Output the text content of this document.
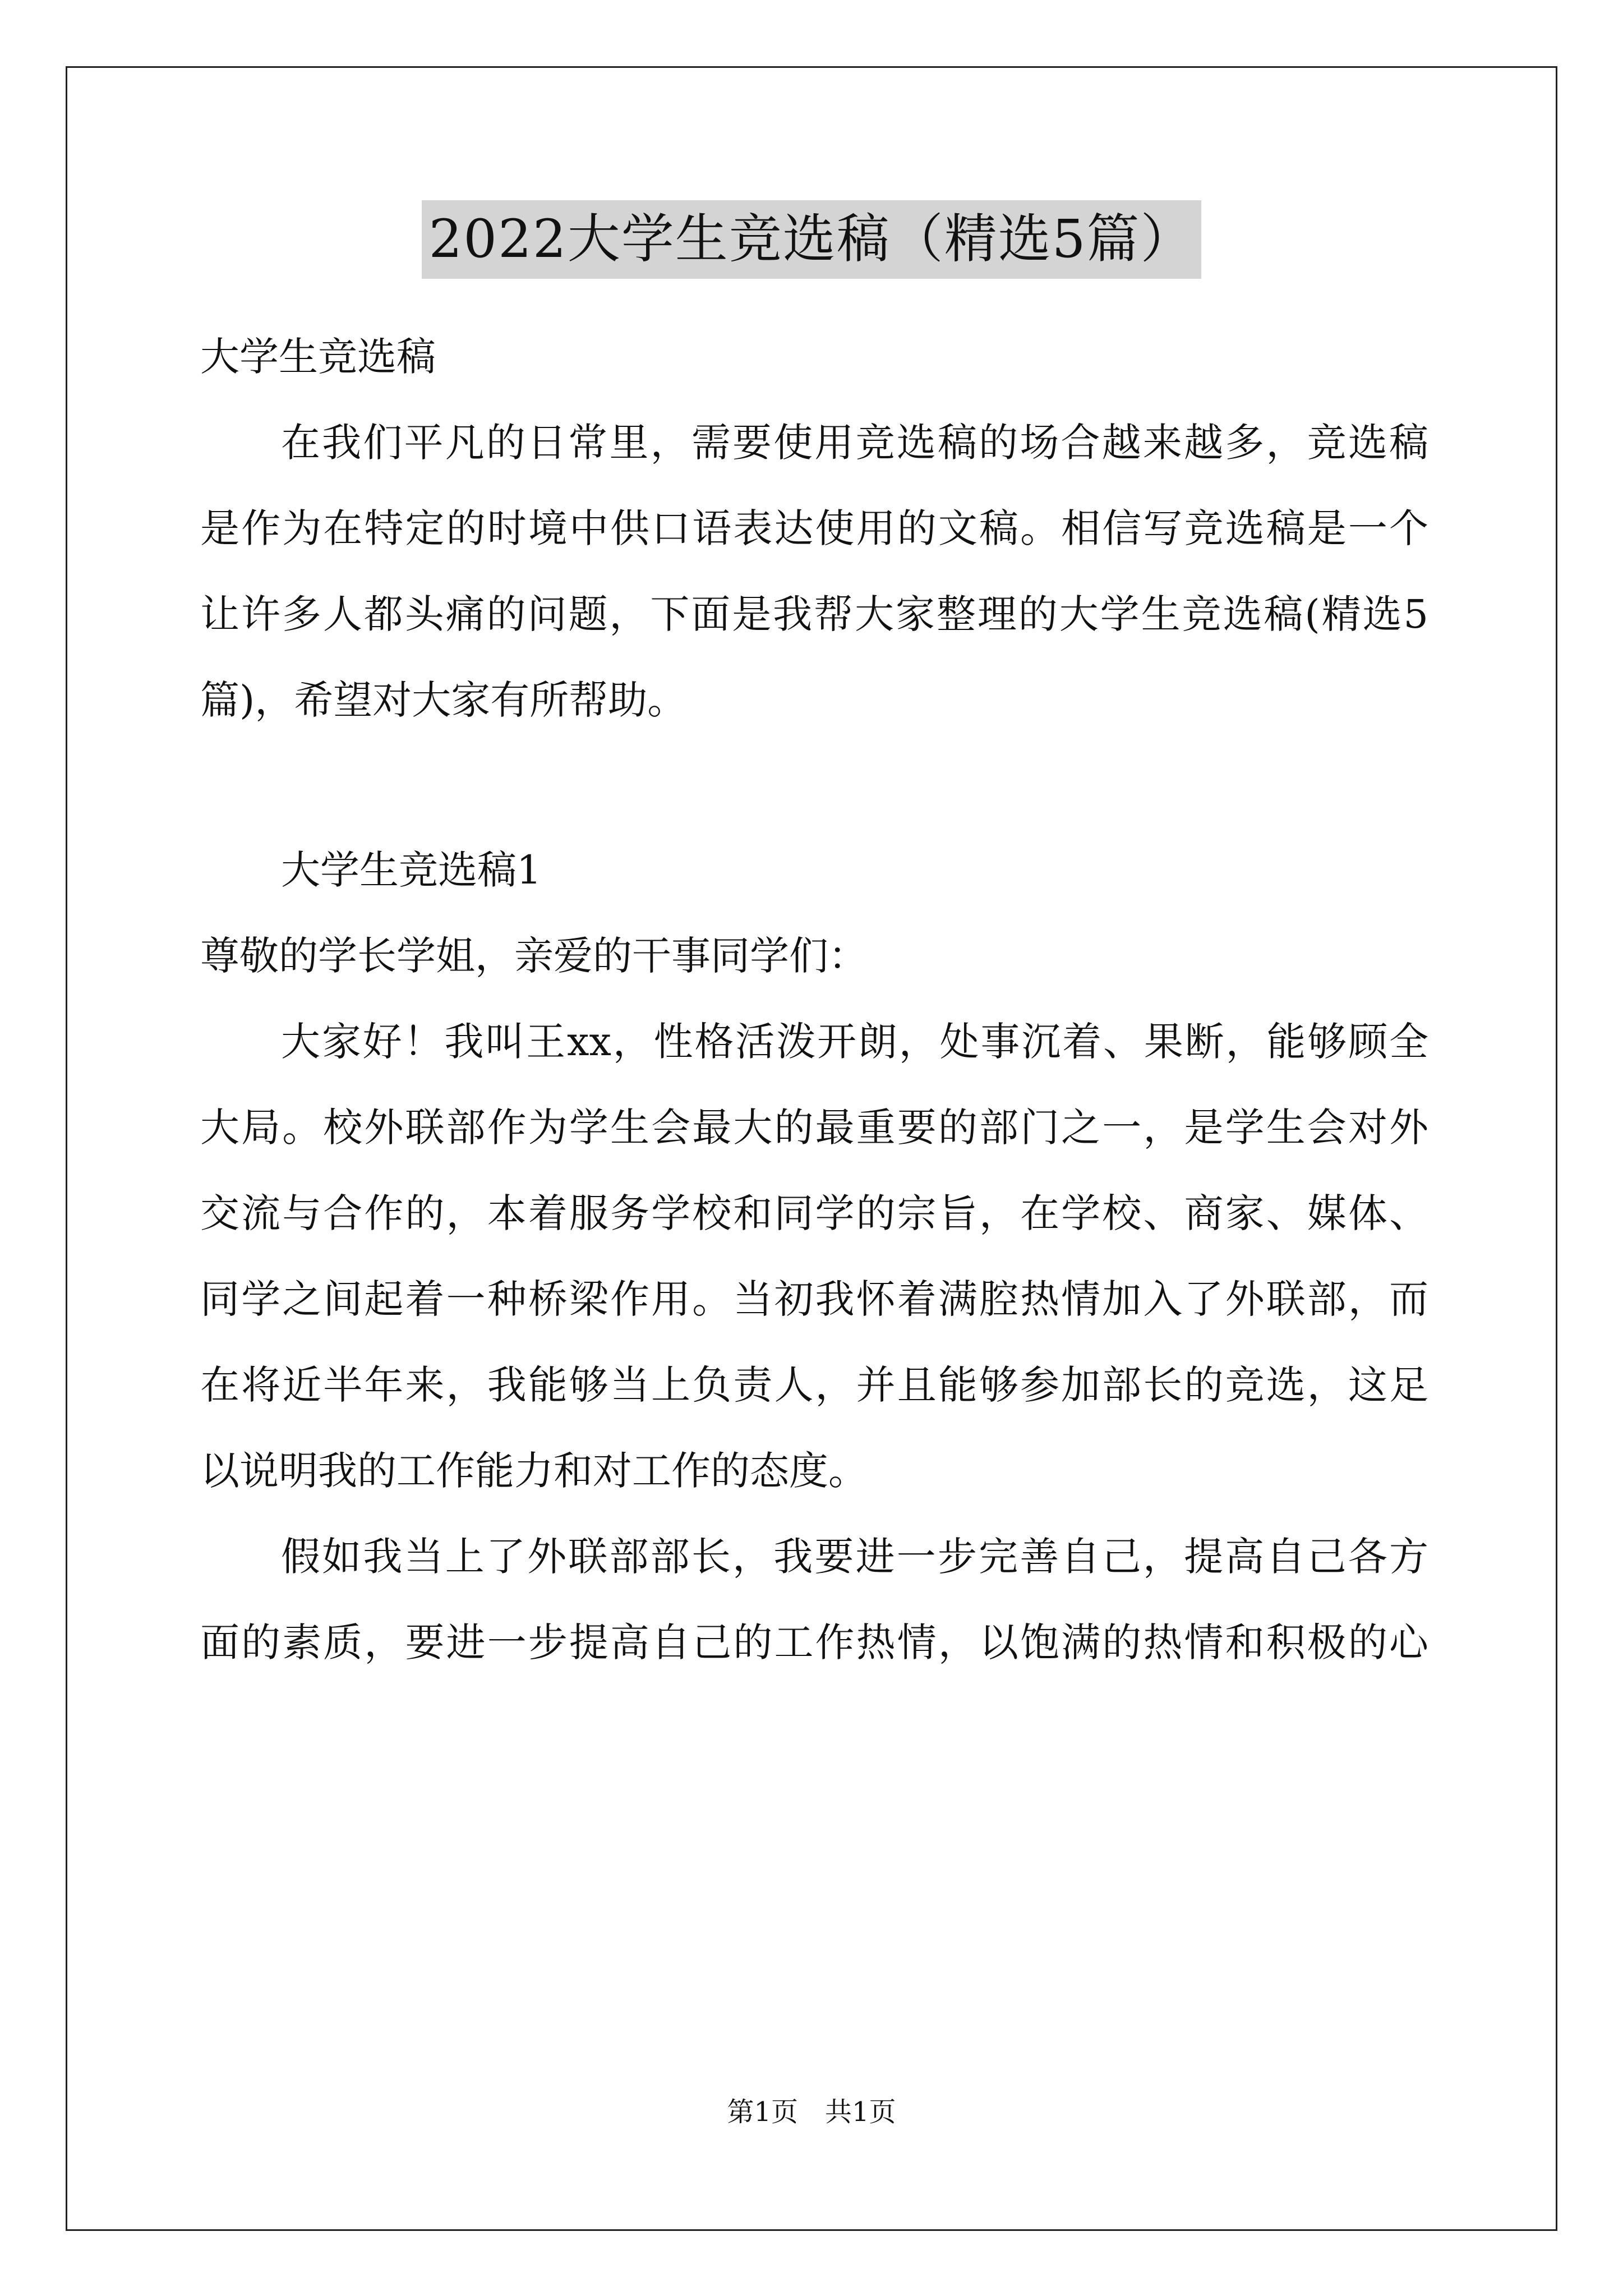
2022大学生竞选稿（精选5篇）

大学生竞选稿

在我们平凡的日常里，需要使用竞选稿的场合越来越多，竞选稿

是作为在特定的时境中供口语表达使用的文稿。相信写竞选稿是一个

让许多人都头痛的问题，下面是我帮大家整理的大学生竞选稿(精选5

篇)，希望对大家有所帮助。

大学生竞选稿1

尊敬的学长学姐，亲爱的干事同学们：

大家好！我叫王xx，性格活泼开朗，处事沉着、果断，能够顾全

大局。校外联部作为学生会最大的最重要的部门之一，是学生会对外

交流与合作的，本着服务学校和同学的宗旨，在学校、商家、媒体、

同学之间起着一种桥梁作用。当初我怀着满腔热情加入了外联部，而

在将近半年来，我能够当上负责人，并且能够参加部长的竞选，这足

以说明我的工作能力和对工作的态度。

假如我当上了外联部部长，我要进一步完善自己，提高自己各方

面的素质，要进一步提高自己的工作热情，以饱满的热情和积极的心

第1页　共1页
